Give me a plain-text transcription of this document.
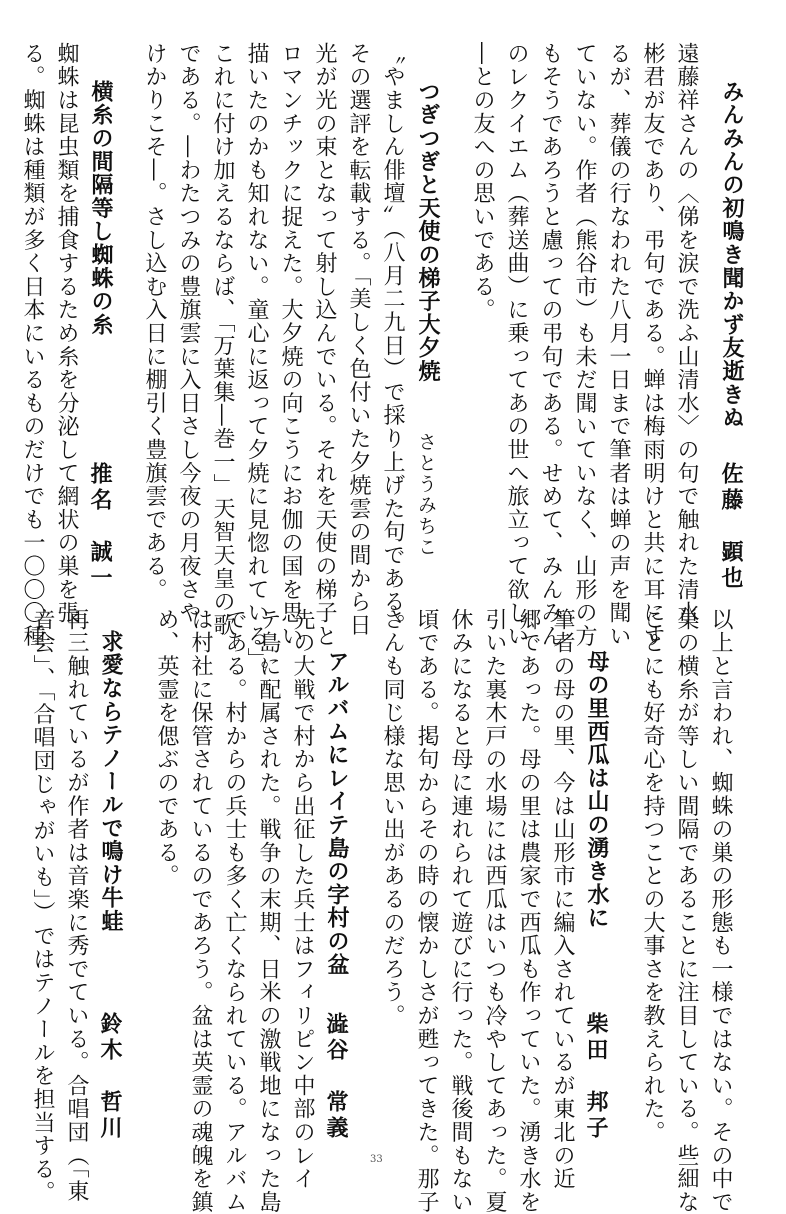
みんみんの初鳴き聞かず友逝きぬ
佐藤　顕也
遠藤祥さんの〈俤を涙で洗ふ山清水〉の句で触れた清水
彬君が友であり、弔句である。蝉は梅雨明けと共に耳にす
るが、葬儀の行なわれた八月一日まで筆者は蝉の声を聞い
ていない。作者（熊谷市）も未だ聞いていなく、山形の方
もそうであろうと慮っての弔句である。せめて、みんみん
のレクイエム（葬送曲）に乗ってあの世へ旅立って欲しい
―との友への思いである。
つぎつぎと天使の梯子大夕焼
さとうみちこ
〝やましん俳壇〟（八月二九日）で採り上げた句である。
その選評を転載する。「美しく色付いた夕焼雲の間から日
光が光の束となって射し込んでいる。それを天使の梯子と
ロマンチックに捉えた。大夕焼の向こうにお伽の国を思い
描いたのかも知れない。童心に返って夕焼に見惚れている」。
これに付け加えるならば、「万葉集―巻一」天智天皇の歌
である。―わたつみの豊旗雲に入日さし今夜の月夜さや
けかりこそ―。さし込む入日に棚引く豊旗雲である。
横糸の間隔等し蜘蛛の糸
推名　誠一
蜘蛛は昆虫類を捕食するため糸を分泌して網状の巣を張
る。蜘蛛は種類が多く日本にいるものだけでも一〇〇〇種
以上と言われ、蜘蛛の巣の形態も一様ではない。その中で
巣の横糸が等しい間隔であることに注目している。些細な
ことにも好奇心を持つことの大事さを教えられた。
母の里西瓜は山の湧き水に
柴田　邦子
筆者の母の里、今は山形市に編入されているが東北の近
郷であった。母の里は農家で西瓜も作っていた。湧き水を
引いた裏木戸の水場には西瓜はいつも冷やしてあった。夏
休みになると母に連れられて遊びに行った。戦後間もない
頃である。掲句からその時の懐かしさが甦ってきた。那子
さんも同じ様な思い出があるのだろう。
アルバムにレイテ島の字村の盆
澁谷　常義
先の大戦で村から出征した兵士はフィリピン中部のレイ
テ島に配属された。戦争の末期、日米の激戦地になった島
である。村からの兵士も多く亡くなられている。アルバム
は村社に保管されているのであろう。盆は英霊の魂魄を鎮
め、英霊を偲ぶのである。
求愛ならテノールで鳴け牛蛙
鈴木　哲川
再三触れているが作者は音楽に秀でている。合唱団（「東
音会」、「合唱団じゃがいも」）ではテノールを担当する。	33
